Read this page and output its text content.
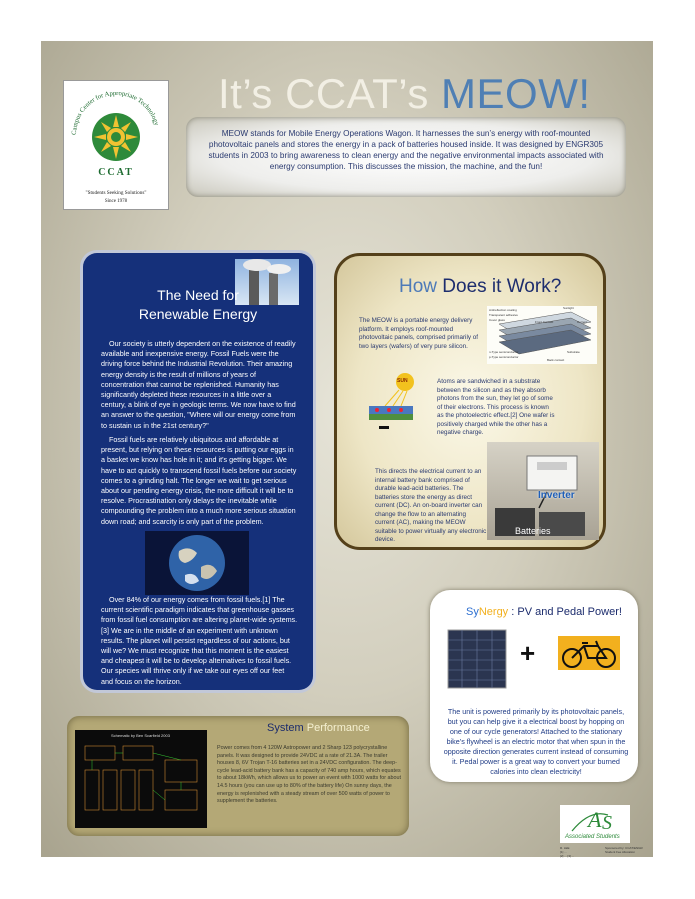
It’s CCAT’s MEOW!
Campus Center for Appropriate Technology
CCAT
"Students Seeking Solutions"
Since 1978
MEOW stands for Mobile Energy Operations Wagon. It harnesses the sun’s energy with roof-mounted photovoltaic panels and stores the energy in a pack of batteries housed inside. It was designed by ENGR305 students in 2003 to bring awareness to clean energy and the negative environmental impacts associated with energy consumption. This discusses the mission, the machine, and the fun!
The Need for
Renewable Energy
Our society is utterly dependent on the existence of readily available and inexpensive energy. Fossil Fuels were the driving force behind the Industrial Revolution. Their amazing energy density is the result of millions of years of concentration that cannot be replenished. Humanity has significantly depleted these resources in a little over a century, a blink of eye in geologic terms. We now have to find an answer to the question, "Where will our energy come from to sustain us in the 21st century?"
Fossil fuels are relatively ubiquitous and affordable at present, but relying on these resources is putting our eggs in a basket we know has hole in it; and it’s getting bigger. We have to act quickly to transcend fossil fuels before our society comes to a grinding halt. The longer we wait to get serious about our pending energy crisis, the more difficult it will be to resolve. Procrastination only delays the inevitable while compounding the problem into a much more serious situation down road; and scarcity is only part of the problem.
Over 84% of our energy comes from fossil fuels.[1] The current scientific paradigm indicates that greenhouse gasses from fossil fuel consumption are altering planet-wide systems.[3] We are in the middle of an experiment with unknown results. The planet will persist regardless of our actions, but will we? We must recognize that this moment is the easiest and cheapest it will be to develop alternatives to fossil fuels. Our species will thrive only if we take our eyes off our feet and focus on the horizon.
How Does it Work?
The MEOW is a portable energy delivery platform. It employs roof-mounted photovoltaic panels, comprised primarily of two layers (wafers) of very pure silicon.
Antireflection coating
Transparent adhesive
Cover glass
Sunlight
Front Contact	Current
n-Type semiconductor
p-Type semiconductor
Substrate
Back contact
SUN	Atoms are sandwiched in a substrate between the silicon and as they absorb photons from the sun, they let go of some of their electrons. This process is known as the photoelectric effect.[2] One wafer is positively charged while the other has a negative charge.
This directs the electrical current to an internal battery bank comprised of durable lead-acid batteries. The batteries store the energy as direct current (DC). An on-board inverter can change the flow to an alternating current (AC), making the MEOW suitable to power virtually any electronic device.
Inverter
Batteries
SyNergy : PV and Pedal Power!
+
The unit is powered primarily by its photovoltaic panels, but you can help give it a electrical boost by hopping on one of our cycle generators! Attached to the stationary bike’s flywheel is an electric motor that when spun in the opposite direction generates current instead of consuming it. Pedal power is a great way to convert your burned calories into clean electricity!
System Performance
Power comes from 4 120W Astropower and 2 Sharp 123 polycrystalline panels. It was designed to provide 24VDC at a rate of 21.3A. The trailer houses 8, 6V Trojan T-16 batteries set in a 24VDC configuration. The deep-cycle lead-acid battery bank has a capacity of 740 amp hours, which equates to about 18kWh, which allows us to power an event with 1000 watts for about 14.5 hours (you can use up to 80% of the battery life) On sunny days, the energy is replenished with a steady stream of over 500 watts of power to supplement the batteries.
Schematic by Ben Scarfield 2003
A S
Associated Students
R. LEE
[1] ...
[2] ... [3] ...
Sponsored by: CCAT/ENGR
Student Fee Allocation
